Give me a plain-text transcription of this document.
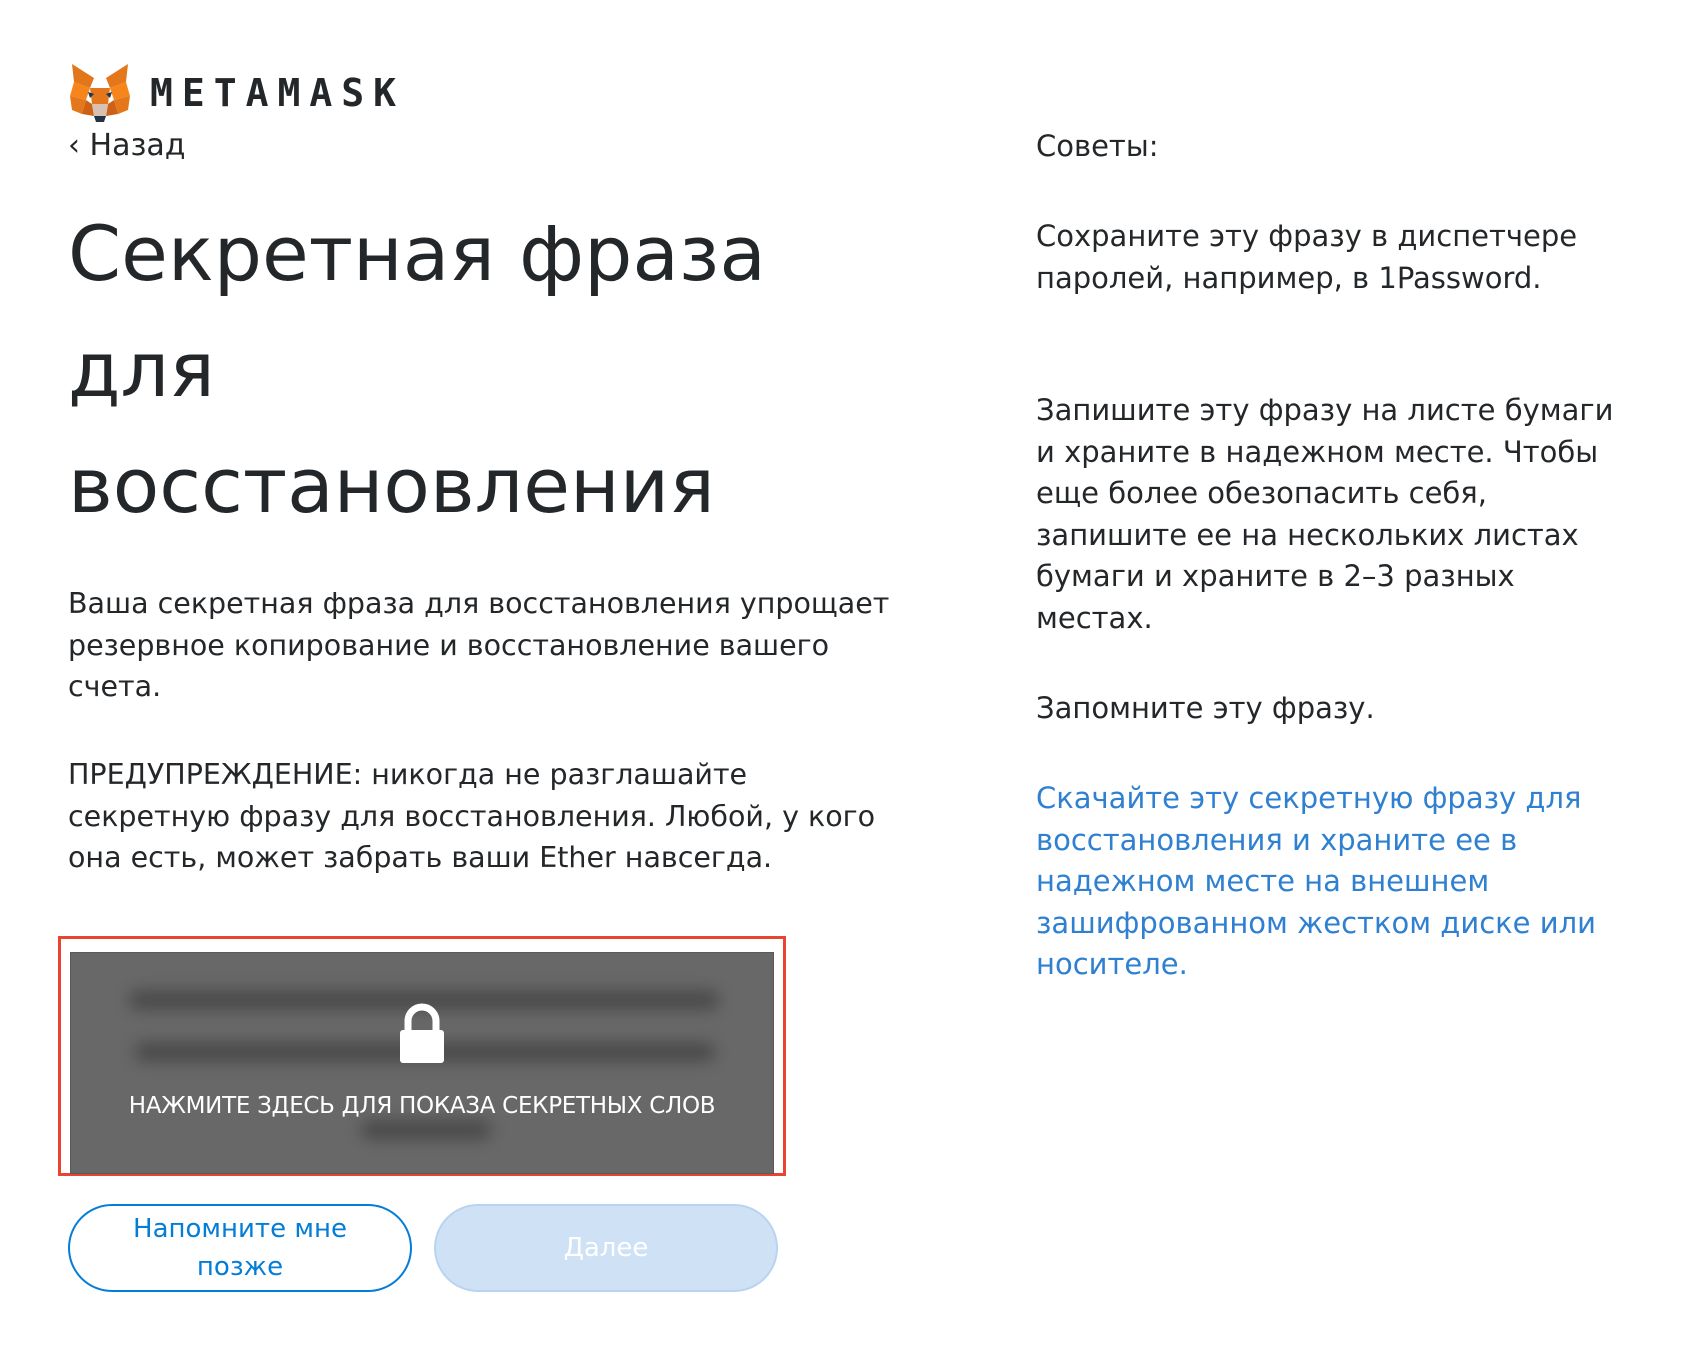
METAMASK
‹ Назад
Секретная фраза для восстановления

Ваша секретная фраза для восстановления упрощает резервное копирование и восстановление вашего счета.

ПРЕДУПРЕЖДЕНИЕ: никогда не разглашайте секретную фразу для восстановления. Любой, у кого она есть, может забрать ваши Ether навсегда.

НАЖМИТЕ ЗДЕСЬ ДЛЯ ПОКАЗА СЕКРЕТНЫХ СЛОВ
Напомните мне позже
Далее

Советы:

Сохраните эту фразу в диспетчере паролей, например, в 1Password.

Запишите эту фразу на листе бумаги и храните в надежном месте. Чтобы еще более обезопасить себя, запишите ее на нескольких листах бумаги и храните в 2–3 разных местах.

Запомните эту фразу.

Скачайте эту секретную фразу для восстановления и храните ее в надежном месте на внешнем зашифрованном жестком диске или носителе.
